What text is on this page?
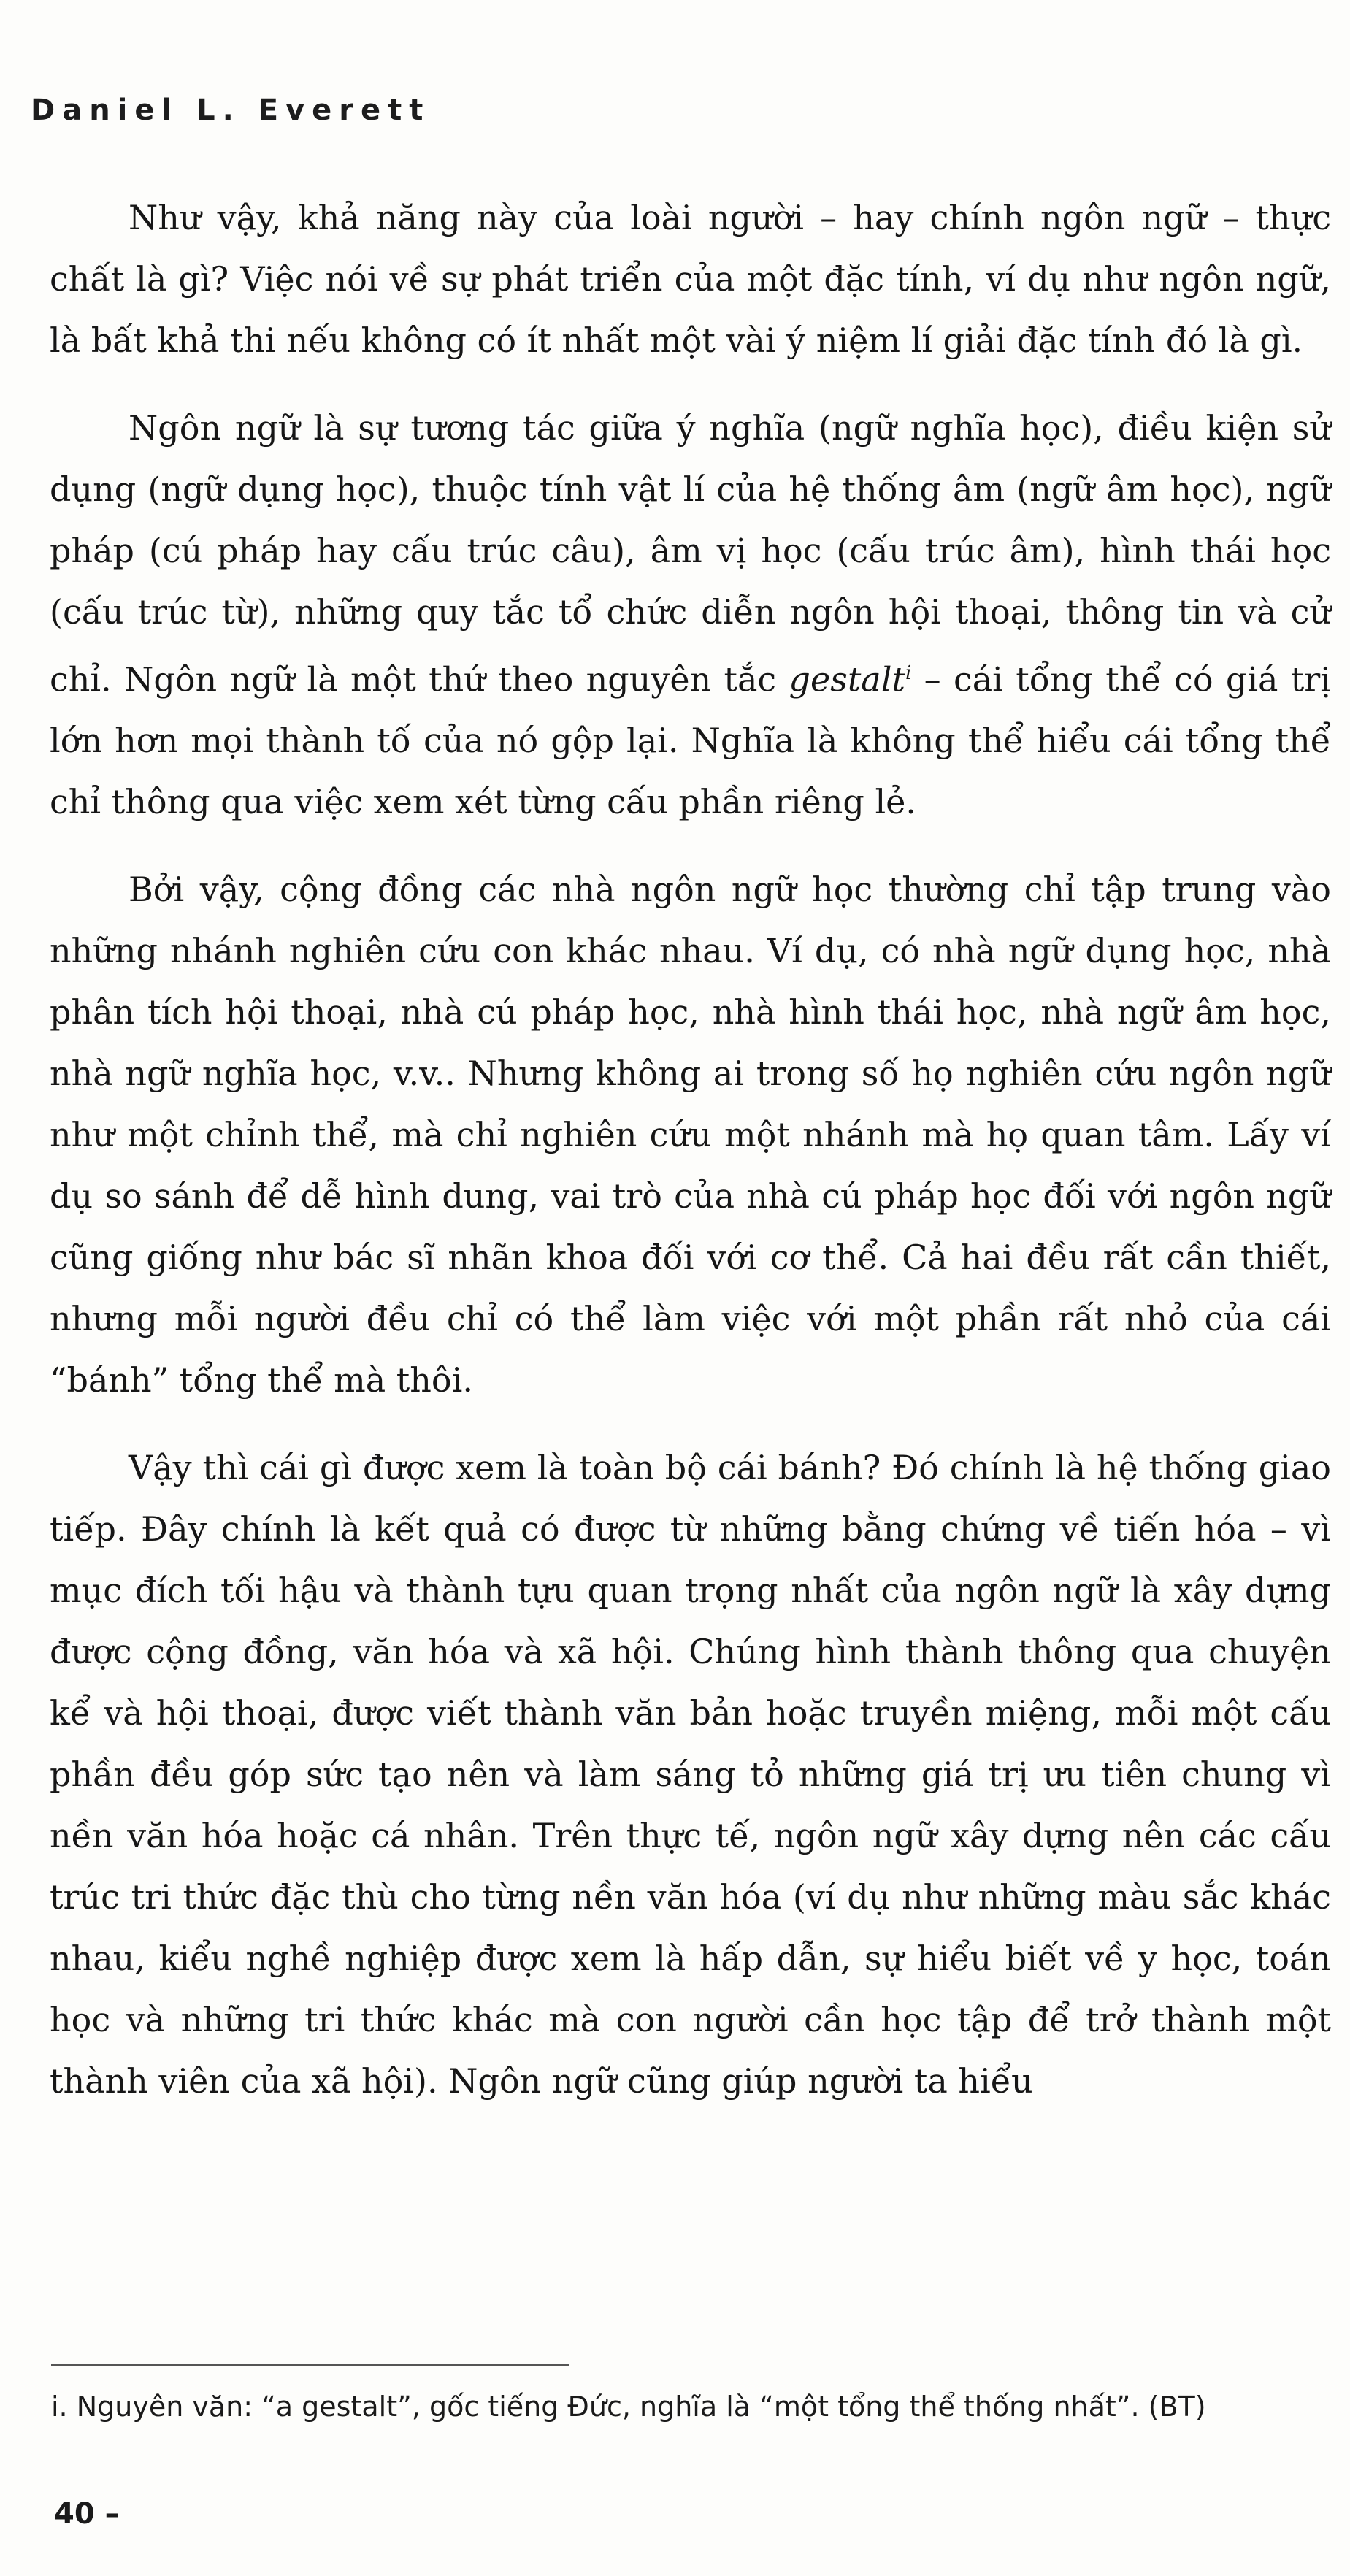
Daniel L. Everett

Như vậy, khả năng này của loài người – hay chính ngôn ngữ – thực chất là gì? Việc nói về sự phát triển của một đặc tính, ví dụ như ngôn ngữ, là bất khả thi nếu không có ít nhất một vài ý niệm lí giải đặc tính đó là gì.

Ngôn ngữ là sự tương tác giữa ý nghĩa (ngữ nghĩa học), điều kiện sử dụng (ngữ dụng học), thuộc tính vật lí của hệ thống âm (ngữ âm học), ngữ pháp (cú pháp hay cấu trúc câu), âm vị học (cấu trúc âm), hình thái học (cấu trúc từ), những quy tắc tổ chức diễn ngôn hội thoại, thông tin và cử chỉ. Ngôn ngữ là một thứ theo nguyên tắc gestalt$^i$ – cái tổng thể có giá trị lớn hơn mọi thành tố của nó gộp lại. Nghĩa là không thể hiểu cái tổng thể chỉ thông qua việc xem xét từng cấu phần riêng lẻ.

Bởi vậy, cộng đồng các nhà ngôn ngữ học thường chỉ tập trung vào những nhánh nghiên cứu con khác nhau. Ví dụ, có nhà ngữ dụng học, nhà phân tích hội thoại, nhà cú pháp học, nhà hình thái học, nhà ngữ âm học, nhà ngữ nghĩa học, v.v.. Nhưng không ai trong số họ nghiên cứu ngôn ngữ như một chỉnh thể, mà chỉ nghiên cứu một nhánh mà họ quan tâm. Lấy ví dụ so sánh để dễ hình dung, vai trò của nhà cú pháp học đối với ngôn ngữ cũng giống như bác sĩ nhãn khoa đối với cơ thể. Cả hai đều rất cần thiết, nhưng mỗi người đều chỉ có thể làm việc với một phần rất nhỏ của cái “bánh” tổng thể mà thôi.

Vậy thì cái gì được xem là toàn bộ cái bánh? Đó chính là hệ thống giao tiếp. Đây chính là kết quả có được từ những bằng chứng về tiến hóa – vì mục đích tối hậu và thành tựu quan trọng nhất của ngôn ngữ là xây dựng được cộng đồng, văn hóa và xã hội. Chúng hình thành thông qua chuyện kể và hội thoại, được viết thành văn bản hoặc truyền miệng, mỗi một cấu phần đều góp sức tạo nên và làm sáng tỏ những giá trị ưu tiên chung vì nền văn hóa hoặc cá nhân. Trên thực tế, ngôn ngữ xây dựng nên các cấu trúc tri thức đặc thù cho từng nền văn hóa (ví dụ như những màu sắc khác nhau, kiểu nghề nghiệp được xem là hấp dẫn, sự hiểu biết về y học, toán học và những tri thức khác mà con người cần học tập để trở thành một thành viên của xã hội). Ngôn ngữ cũng giúp người ta hiểu

i. Nguyên văn: “a gestalt”, gốc tiếng Đức, nghĩa là “một tổng thể thống nhất”. (BT)
40 –
